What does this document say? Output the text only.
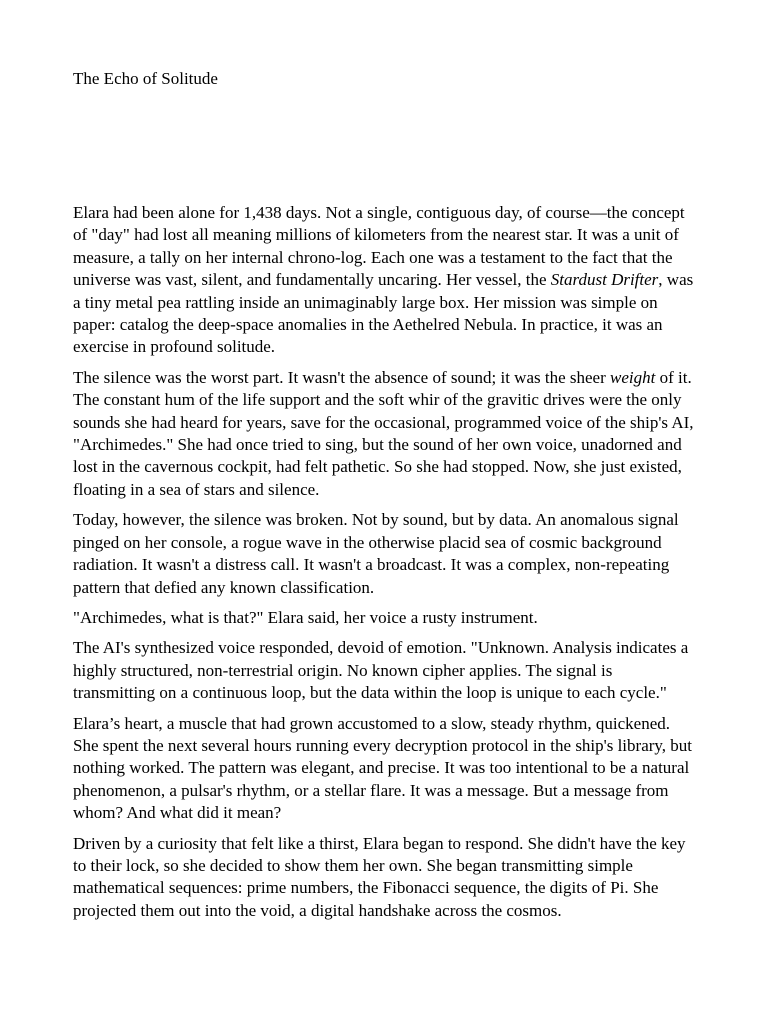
The Echo of Solitude

Elara had been alone for 1,438 days. Not a single, contiguous day, of course—the concept of "day" had lost all meaning millions of kilometers from the nearest star. It was a unit of measure, a tally on her internal chrono-log. Each one was a testament to the fact that the universe was vast, silent, and fundamentally uncaring. Her vessel, the Stardust Drifter, was a tiny metal pea rattling inside an unimaginably large box. Her mission was simple on paper: catalog the deep-space anomalies in the Aethelred Nebula. In practice, it was an exercise in profound solitude.

The silence was the worst part. It wasn't the absence of sound; it was the sheer weight of it. The constant hum of the life support and the soft whir of the gravitic drives were the only sounds she had heard for years, save for the occasional, programmed voice of the ship's AI, "Archimedes." She had once tried to sing, but the sound of her own voice, unadorned and lost in the cavernous cockpit, had felt pathetic. So she had stopped. Now, she just existed, floating in a sea of stars and silence.

Today, however, the silence was broken. Not by sound, but by data. An anomalous signal pinged on her console, a rogue wave in the otherwise placid sea of cosmic background radiation. It wasn't a distress call. It wasn't a broadcast. It was a complex, non-repeating pattern that defied any known classification.

"Archimedes, what is that?" Elara said, her voice a rusty instrument.

The AI's synthesized voice responded, devoid of emotion. "Unknown. Analysis indicates a highly structured, non-terrestrial origin. No known cipher applies. The signal is transmitting on a continuous loop, but the data within the loop is unique to each cycle."

Elara’s heart, a muscle that had grown accustomed to a slow, steady rhythm, quickened. She spent the next several hours running every decryption protocol in the ship's library, but nothing worked. The pattern was elegant, and precise. It was too intentional to be a natural phenomenon, a pulsar's rhythm, or a stellar flare. It was a message. But a message from whom? And what did it mean?

Driven by a curiosity that felt like a thirst, Elara began to respond. She didn't have the key to their lock, so she decided to show them her own. She began transmitting simple mathematical sequences: prime numbers, the Fibonacci sequence, the digits of Pi. She projected them out into the void, a digital handshake across the cosmos.
